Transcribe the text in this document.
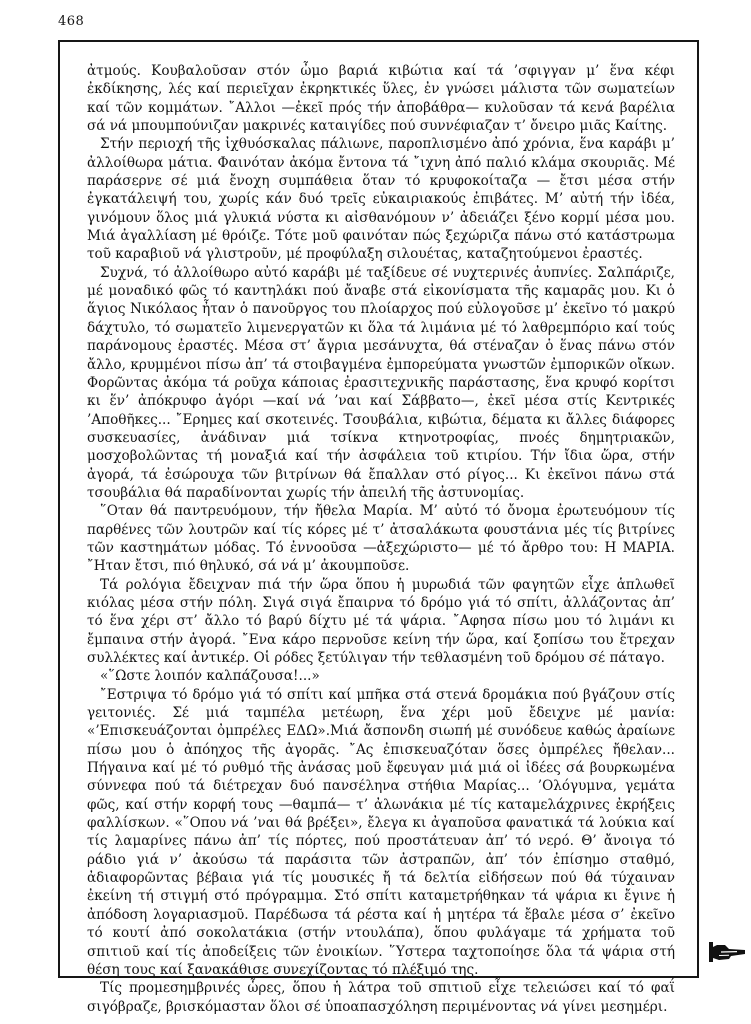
468

ἀτμούς. Κουβαλοῦσαν στόν ὦμο βαριά κιβώτια καί τά ’σφιγγαν μ’ ἕνα κέφι ἐκδίκησης, λές καί περιεῖχαν ἐκρηκτικές ὕλες, ἐν γνώσει μάλιστα τῶν σωματείων καί τῶν κομμάτων. ῎Αλλοι —ἐκεῖ πρός τήν ἀποβάθρα— κυλοῦσαν τά κενά βαρέλια σά νά μπουμπούνιζαν μακρινές καταιγίδες πού συννέφιαζαν τ’ ὄνειρο μιᾶς Καίτης.

Στήν περιοχή τῆς ἰχθυόσκαλας πάλιωνε, παροπλισμένο ἀπό χρόνια, ἕνα καράβι μ’ ἀλλοίθωρα μάτια. Φαινόταν ἀκόμα ἔντονα τά ῎ιχνη ἀπό παλιό κλάμα σκουριᾶς. Μέ παράσερνε σέ μιά ἔνοχη συμπάθεια ὅταν τό κρυφοκοίταζα — ἔτσι μέσα στήν ἐγκατάλειψή του, χωρίς κάν δυό τρεῖς εὐκαιριακούς ἐπιβάτες. Μ’ αὐτή τήν ἰδέα, γινόμουν ὅλος μιά γλυκιά νύστα κι αἰσθανόμουν ν’ ἀδειάζει ξένο κορμί μέσα μου. Μιά ἀγαλλίαση μέ θρόιζε. Τότε μοῦ φαινόταν πώς ξεχώριζα πάνω στό κατάστρωμα τοῦ καραβιοῦ νά γλιστροῦν, μέ προφύλαξη σιλουέτας, καταζητούμενοι ἐραστές.

Συχνά, τό ἀλλοίθωρο αὐτό καράβι μέ ταξίδευε σέ νυχτερινές ἀυπνίες. Σαλπάριζε, μέ μοναδικό φῶς τό καντηλάκι πού ἄναβε στά εἰκονίσματα τῆς καμαρᾶς μου. Κι ὁ ἅγιος Νικόλαος ἦταν ὁ πανοῦργος του πλοίαρχος πού εὐλογοῦσε μ’ ἐκεῖνο τό μακρύ δάχτυλο, τό σωματεῖο λιμενεργατῶν κι ὅλα τά λιμάνια μέ τό λαθρεμπόριο καί τούς παράνομους ἐραστές. Μέσα στ’ ἄγρια μεσάνυχτα, θά στέναζαν ὁ ἕνας πάνω στόν ἄλλο, κρυμμένοι πίσω ἀπ’ τά στοιβαγμένα ἐμπορεύματα γνωστῶν ἐμπορικῶν οἴκων. Φορῶντας ἀκόμα τά ροῦχα κάποιας ἐρασιτεχνικῆς παράστασης, ἕνα κρυφό κορίτσι κι ἕν’ ἀπόκρυφο ἀγόρι —καί νά ’ναι καί Σάββατο—, ἐκεῖ μέσα στίς Κεντρικές ’Αποθῆκες... ῎Ερημες καί σκοτεινές. Τσουβάλια, κιβώτια, δέματα κι ἄλλες διάφορες συσκευασίες, ἀνάδιναν μιά τσίκνα κτηνοτροφίας, πνοές δημητριακῶν, μοσχοβολῶντας τή μοναξιά καί τήν ἀσφάλεια τοῦ κτιρίου. Τήν ἴδια ὥρα, στήν ἀγορά, τά ἐσώρουχα τῶν βιτρίνων θά ἔπαλλαν στό ρίγος... Κι ἐκεῖνοι πάνω στά τσουβάλια θά παραδίνονται χωρίς τήν ἀπειλή τῆς ἀστυνομίας.

῞Οταν θά παντρευόμουν, τήν ἤθελα Μαρία. Μ’ αὐτό τό ὄνομα ἐρωτευόμουν τίς παρθένες τῶν λουτρῶν καί τίς κόρες μέ τ’ ἀτσαλάκωτα φουστάνια μές τίς βιτρίνες τῶν καστημάτων μόδας. Τό ἐννοοῦσα —ἀξεχώριστο— μέ τό ἄρθρο του: Η ΜΑΡΙΑ. ῎Ηταν ἔτσι, πιό θηλυκό, σά νά μ’ ἀκουμποῦσε.

Τά ρολόγια ἔδειχναν πιά τήν ὥρα ὅπου ἡ μυρωδιά τῶν φαγητῶν εἶχε ἁπλωθεῖ κιόλας μέσα στήν πόλη. Σιγά σιγά ἔπαιρνα τό δρόμο γιά τό σπίτι, ἀλλάζοντας ἀπ’ τό ἕνα χέρι στ’ ἄλλο τό βαρύ δίχτυ μέ τά ψάρια. ῎Αφησα πίσω μου τό λιμάνι κι ἔμπαινα στήν ἀγορά. ῎Ενα κάρο περνοῦσε κείνη τήν ὥρα, καί ξοπίσω του ἔτρεχαν συλλέκτες καί ἀντικέρ. Οἱ ρόδες ξετύλιγαν τήν τεθλασμένη τοῦ δρόμου σέ πάταγο.

«῞Ωστε λοιπόν καλπάζουσα!...»

῎Εστριψα τό δρόμο γιά τό σπίτι καί μπῆκα στά στενά δρομάκια πού βγάζουν στίς γειτονιές. Σέ μιά ταμπέλα μετέωρη, ἕνα χέρι μοῦ ἔδειχνε μέ μανία: «’Επισκευάζονται ὀμπρέλες ΕΔΩ».Μιά ἄσπονδη σιωπή μέ συνόδευε καθώς ἀραίωνε πίσω μου ὁ ἀπόηχος τῆς ἀγορᾶς. ῎Ας ἐπισκευαζόταν ὅσες ὀμπρέλες ἤθελαν... Πήγαινα καί μέ τό ρυθμό τῆς ἀνάσας μοῦ ἔφευγαν μιά μιά οἱ ἰδέες σά βουρκωμένα σύννεφα πού τά διέτρεχαν δυό πανσέληνα στήθια Μαρίας... ’Ολόγυμνα, γεμάτα φῶς, καί στήν κορφή τους —θαμπά— τ’ ἀλωνάκια μέ τίς καταμελάχρινες ἐκρήξεις φαλλίσκων. «῞Οπου νά ’ναι θά βρέξει», ἔλεγα κι ἀγαποῦσα φανατικά τά λούκια καί τίς λαμαρίνες πάνω ἀπ’ τίς πόρτες, πού προστάτευαν ἀπ’ τό νερό. Θ’ ἄνοιγα τό ράδιο γιά ν’ ἀκούσω τά παράσιτα τῶν ἀστραπῶν, ἀπ’ τόν ἐπίσημο σταθμό, ἀδιαφορῶντας βέβαια γιά τίς μουσικές ἤ τά δελτία εἰδήσεων πού θά τύχαιναν ἐκείνη τή στιγμή στό πρόγραμμα. Στό σπίτι καταμετρήθηκαν τά ψάρια κι ἔγινε ἡ ἀπόδοση λογαριασμοῦ. Παρέδωσα τά ρέστα καί ἡ μητέρα τά ἔβαλε μέσα σ’ ἐκεῖνο τό κουτί ἀπό σοκολατάκια (στήν ντουλάπα), ὅπου φυλάγαμε τά χρήματα τοῦ σπιτιοῦ καί τίς ἀποδείξεις τῶν ἐνοικίων. ῞Υστερα ταχτοποίησε ὅλα τά ψάρια στή θέση τους καί ξανακάθισε συνεχίζοντας τό πλέξιμό της.

Τίς προμεσημβρινές ὧρες, ὅπου ἡ λάτρα τοῦ σπιτιοῦ εἶχε τελειώσει καί τό φαΐ σιγόβραζε, βρισκόμασταν ὅλοι σέ ὑποαπασχόληση περιμένοντας νά γίνει μεσημέρι.
